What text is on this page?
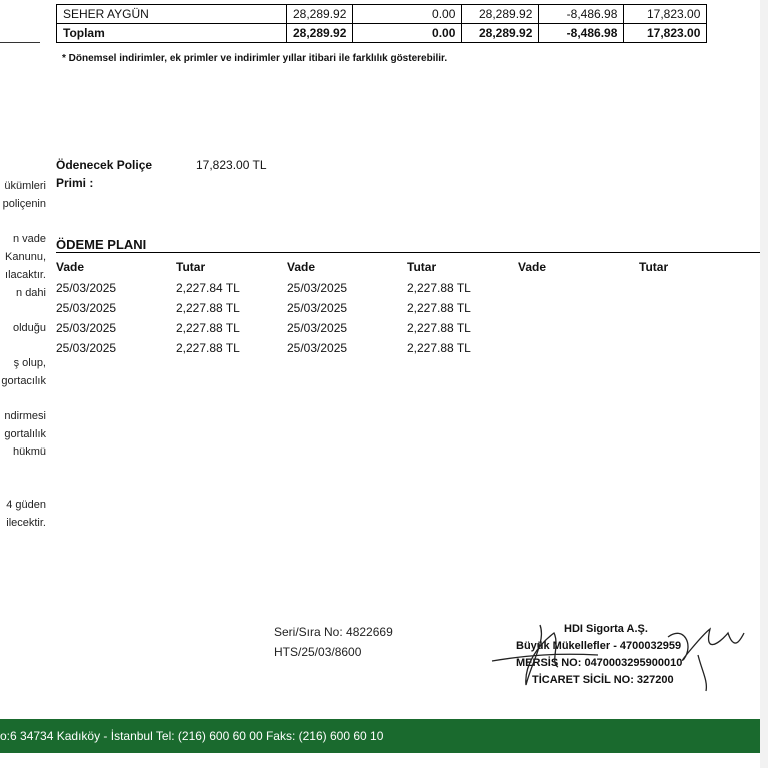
SEHER AYGÜN	28,289.92	0.00	28,289.92	-8,486.98	17,823.00
Toplam	28,289.92	0.00	28,289.92	-8,486.98	17,823.00
* Dönemsel indirimler, ek primler ve indirimler yıllar itibari ile farklılık gösterebilir.
ükümleri
poliçenin
n vade
Kanunu,
ılacaktır.
n dahi
olduğu
ş olup,
gortacılık
ndirmesi
gortalılık
hükmü
4 güden
ilecektir.
Ödenecek Poliçe Primi :
17,823.00 TL
ÖDEME PLANI
Vade	Tutar	Vade	Tutar	Vade	Tutar
25/03/2025	2,227.84 TL	25/03/2025	2,227.88 TL
25/03/2025	2,227.88 TL	25/03/2025	2,227.88 TL
25/03/2025	2,227.88 TL	25/03/2025	2,227.88 TL
25/03/2025	2,227.88 TL	25/03/2025	2,227.88 TL
Seri/Sıra No: 4822669
HTS/25/03/8600
HDI Sigorta A.Ş.
Büyük Mükellefler - 4700032959
MERSİS NO: 0470003295900010
TİCARET SİCİL NO: 327200
o:6 34734 Kadıköy - İstanbul Tel: (216) 600 60 00 Faks: (216) 600 60 10
